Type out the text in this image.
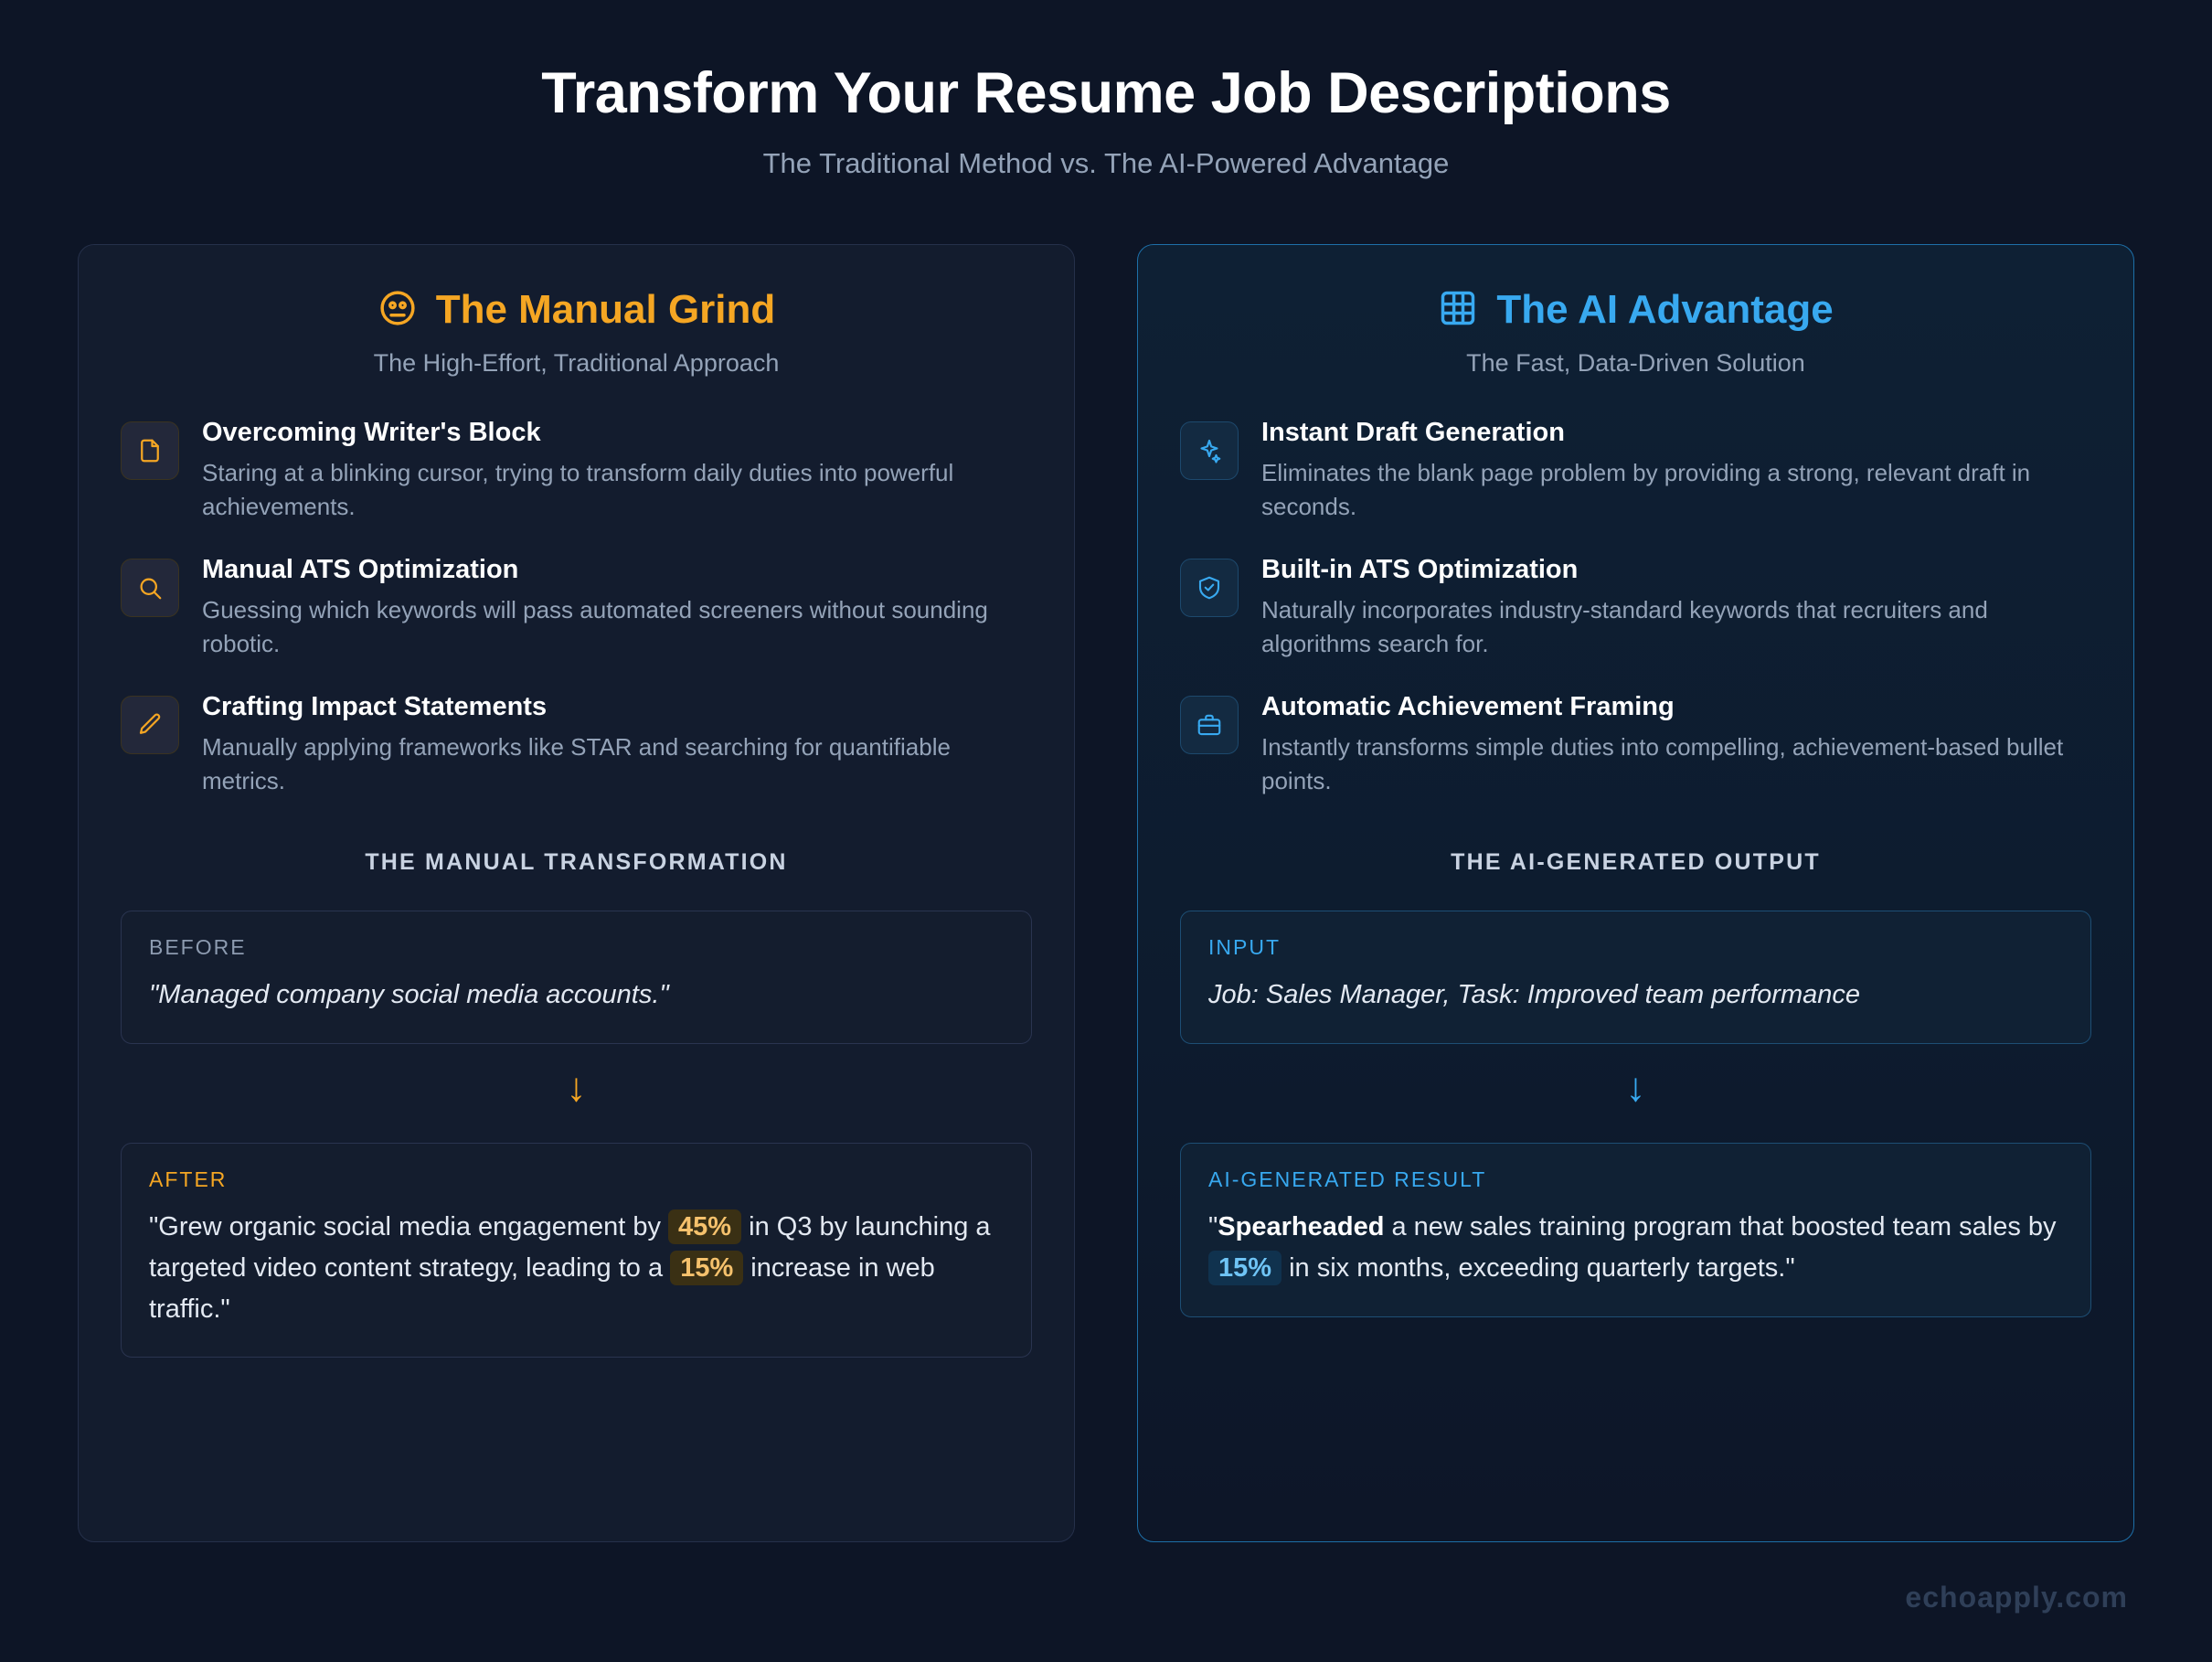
Transform Your Resume Job Descriptions
The Traditional Method vs. The AI-Powered Advantage
The Manual Grind
The High-Effort, Traditional Approach
Overcoming Writer's Block
Staring at a blinking cursor, trying to transform daily duties into powerful achievements.
Manual ATS Optimization
Guessing which keywords will pass automated screeners without sounding robotic.
Crafting Impact Statements
Manually applying frameworks like STAR and searching for quantifiable metrics.
THE MANUAL TRANSFORMATION
BEFORE
"Managed company social media accounts."
↓
AFTER
"Grew organic social media engagement by 45% in Q3 by launching a targeted video content strategy, leading to a 15% increase in web traffic."
The AI Advantage
The Fast, Data-Driven Solution
Instant Draft Generation
Eliminates the blank page problem by providing a strong, relevant draft in seconds.
Built-in ATS Optimization
Naturally incorporates industry-standard keywords that recruiters and algorithms search for.
Automatic Achievement Framing
Instantly transforms simple duties into compelling, achievement-based bullet points.
THE AI-GENERATED OUTPUT
INPUT
Job: Sales Manager, Task: Improved team performance
↓
AI-GENERATED RESULT
"Spearheaded a new sales training program that boosted team sales by 15% in six months, exceeding quarterly targets."
echoapply.com
